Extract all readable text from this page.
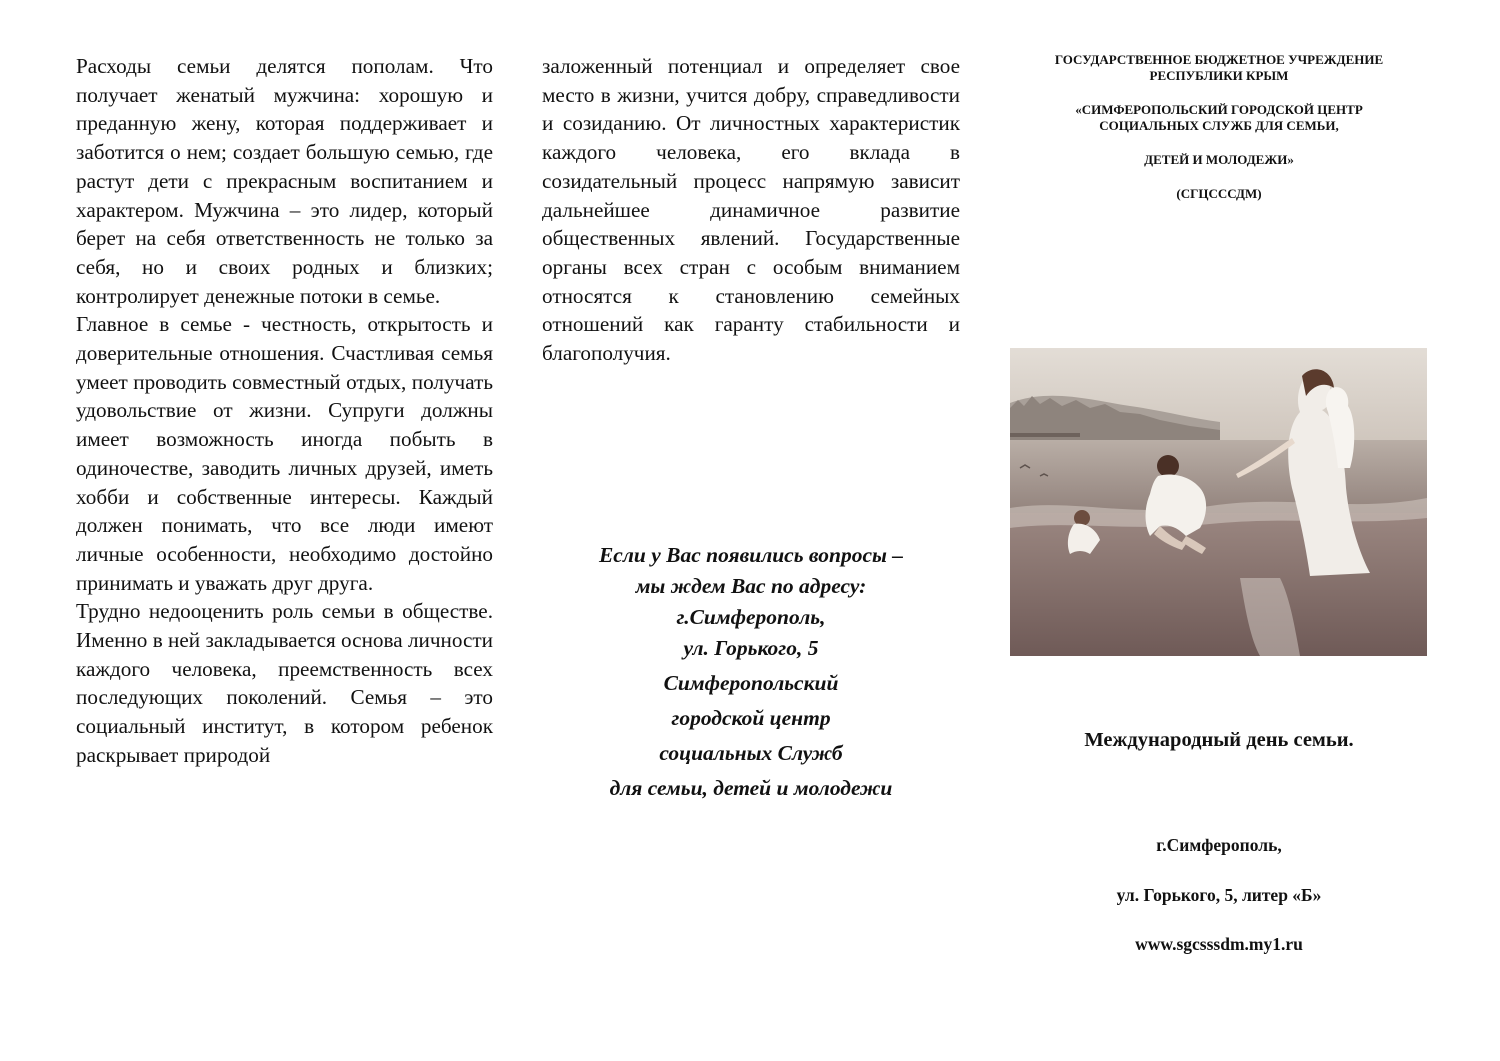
Расходы семьи делятся пополам. Что получает женатый мужчина: хорошую и преданную жену, которая поддерживает и заботится о нем; создает большую семью, где растут дети с прекрасным воспитанием и характером. Мужчина – это лидер, который берет на себя ответственность не только за себя, но и своих родных и близких; контролирует денежные потоки в семье.

Главное в семье - честность, открытость и доверительные отношения. Счастливая семья умеет проводить совместный отдых, получать удовольствие от жизни. Супруги должны имеет возможность иногда побыть в одиночестве, заводить личных друзей, иметь хобби и собственные интересы. Каждый должен понимать, что все люди имеют личные особенности, необходимо достойно принимать и уважать друг друга.

Трудно недооценить роль семьи в обществе. Именно в ней закладывается основа личности каждого человека, преемственность всех последующих поколений. Семья – это социальный институт, в котором ребенок раскрывает природой

заложенный потенциал и определяет свое место в жизни, учится добру, справедливости и созиданию. От личностных характеристик каждого человека, его вклада в созидательный процесс напрямую зависит дальнейшее динамичное развитие общественных явлений. Государственные органы всех стран с особым вниманием относятся к становлению семейных отношений как гаранту стабильности и благополучия.

Если у Вас появились вопросы –
мы ждем Вас по адресу:
г.Симферополь,
ул. Горького, 5
Симферопольский
городской центр
социальных Служб
для семьи, детей и молодежи
ГОСУДАРСТВЕННОЕ БЮДЖЕТНОЕ УЧРЕЖДЕНИЕ
РЕСПУБЛИКИ КРЫМ
«СИМФЕРОПОЛЬСКИЙ ГОРОДСКОЙ ЦЕНТР
СОЦИАЛЬНЫХ СЛУЖБ ДЛЯ СЕМЬИ,
ДЕТЕЙ И МОЛОДЕЖИ»
(СГЦСССДМ)
Международный день семьи.
г.Симферополь,
ул. Горького, 5, литер «Б»
www.sgcsssdm.my1.ru
